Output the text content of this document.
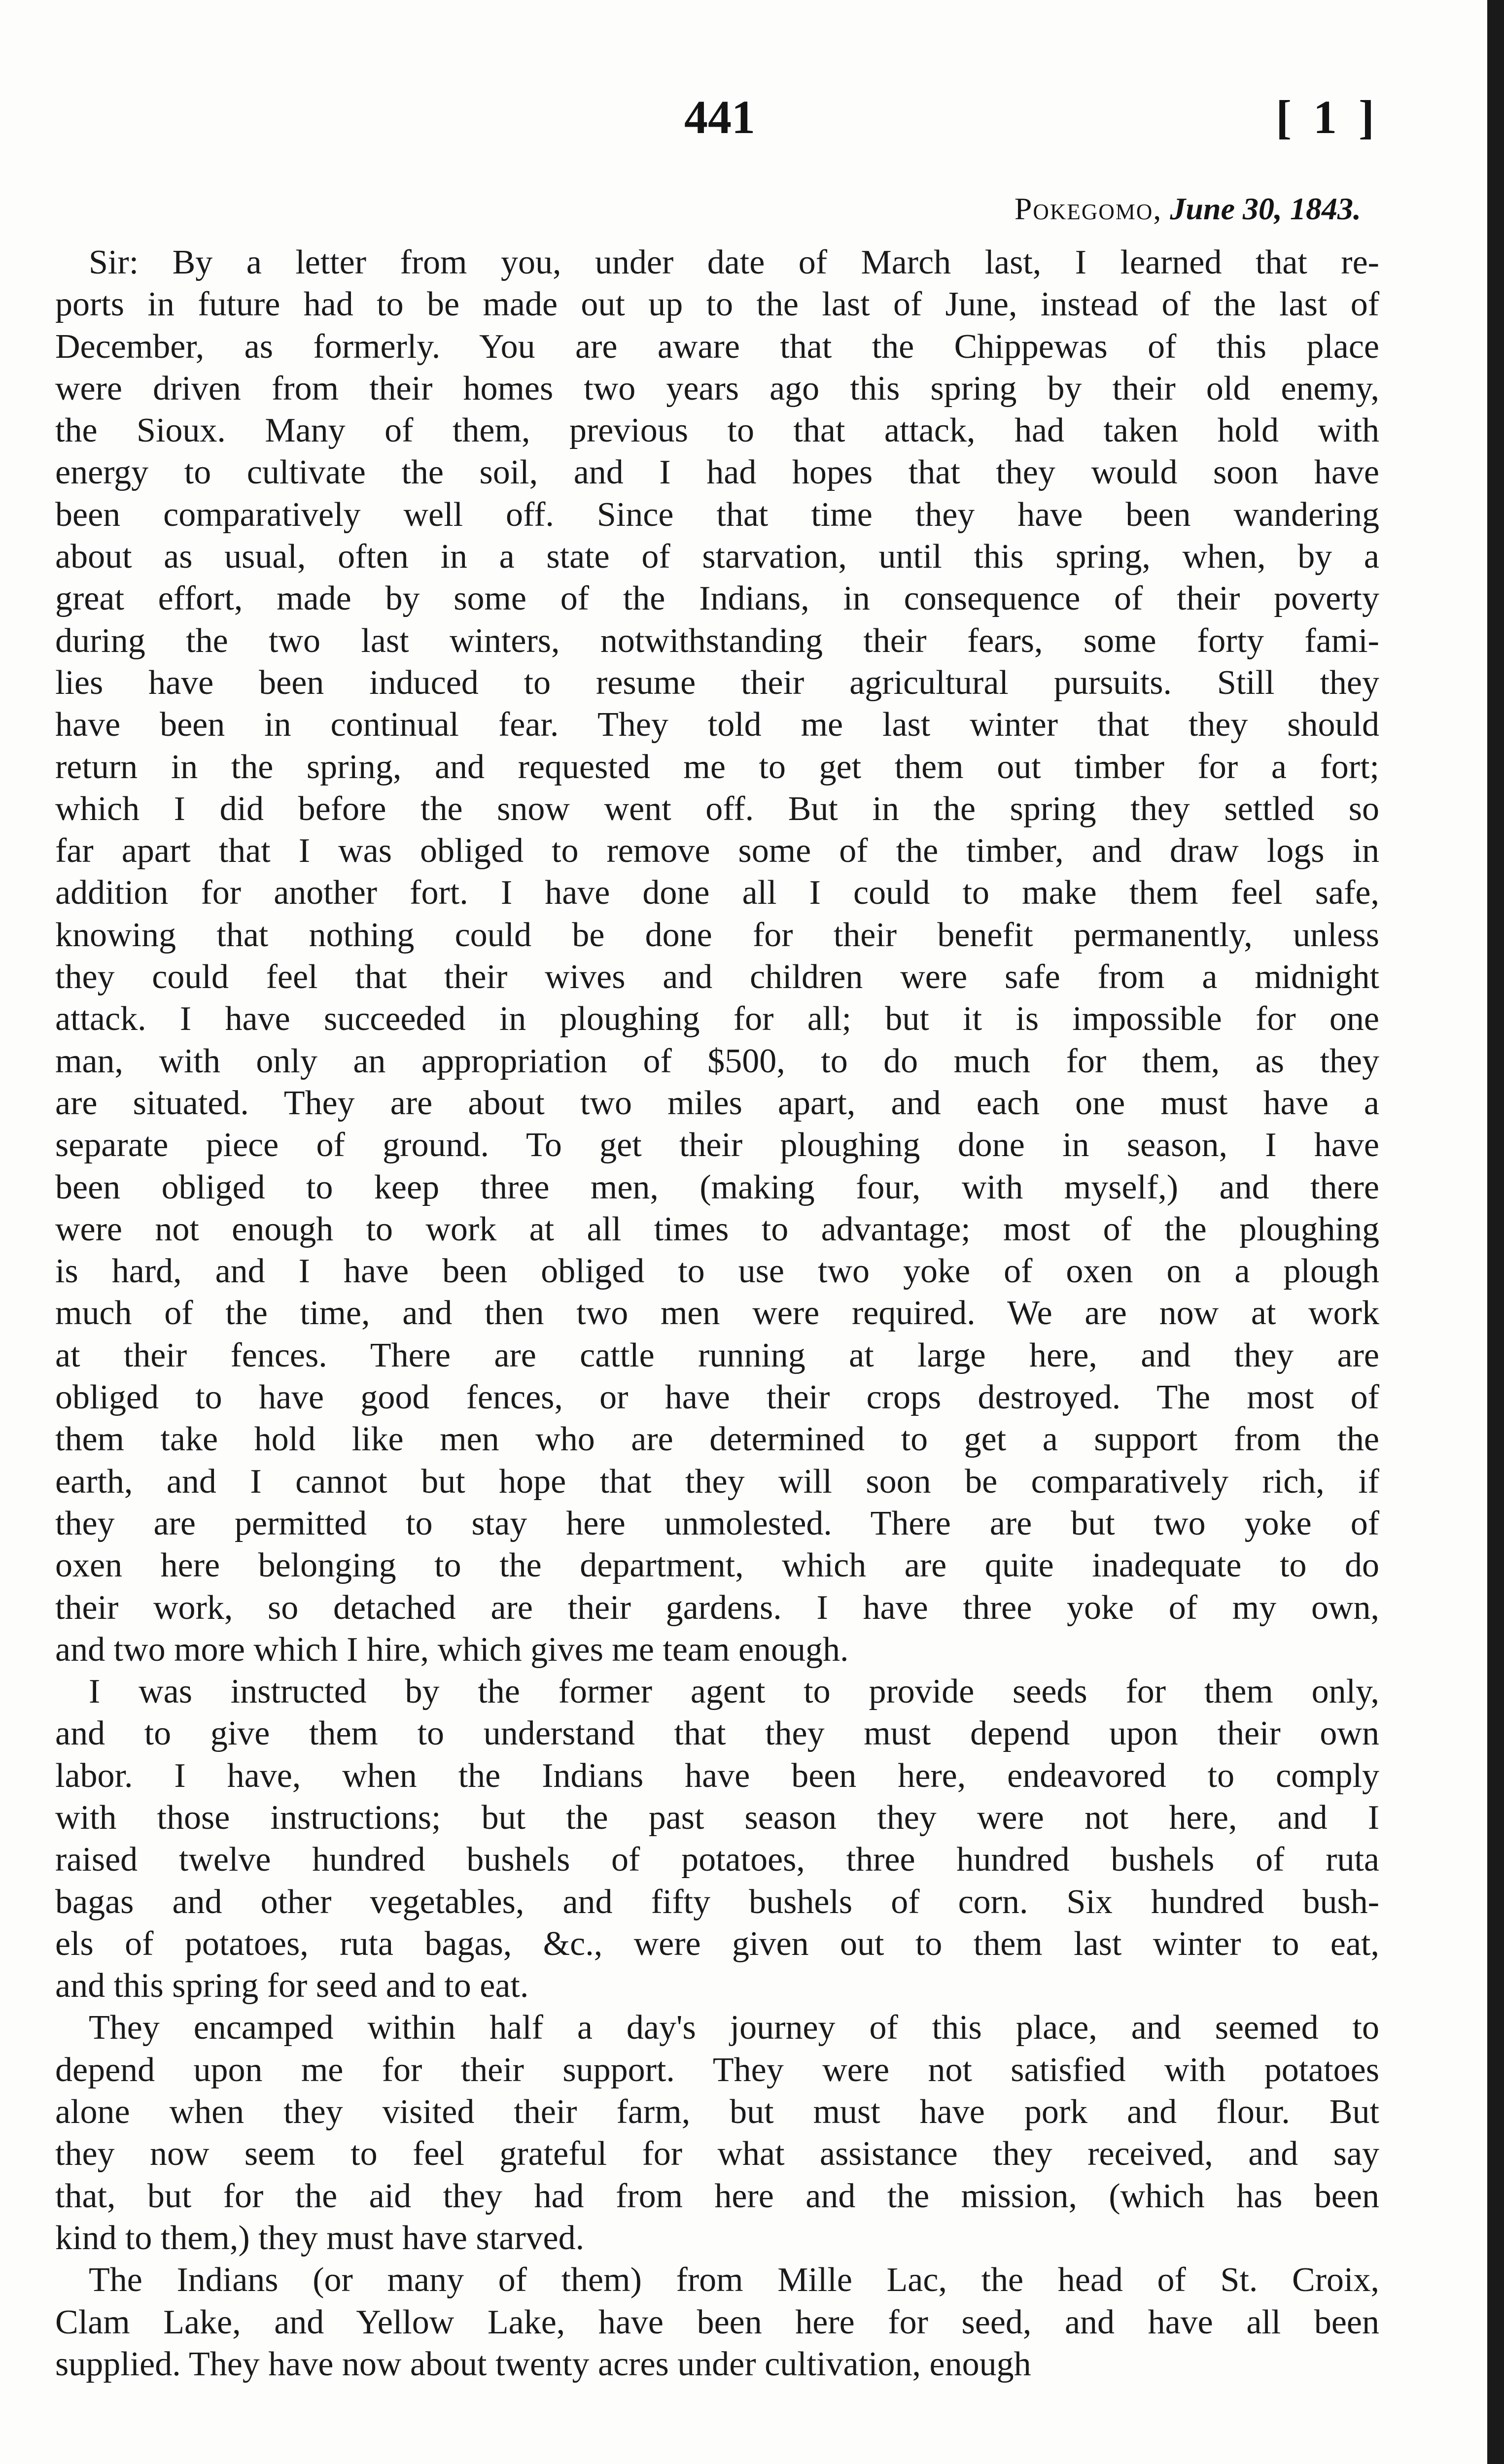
441	[ 1 ]
Pokegomo, June 30, 1843.

Sir: By a letter from you, under date of March last, I learned that re-
ports in future had to be made out up to the last of June, instead of the last of
December, as formerly. You are aware that the Chippewas of this place
were driven from their homes two years ago this spring by their old enemy,
the Sioux. Many of them, previous to that attack, had taken hold with
energy to cultivate the soil, and I had hopes that they would soon have
been comparatively well off. Since that time they have been wandering
about as usual, often in a state of starvation, until this spring, when, by a
great effort, made by some of the Indians, in consequence of their poverty
during the two last winters, notwithstanding their fears, some forty fami-
lies have been induced to resume their agricultural pursuits. Still they
have been in continual fear. They told me last winter that they should
return in the spring, and requested me to get them out timber for a fort;
which I did before the snow went off. But in the spring they settled so
far apart that I was obliged to remove some of the timber, and draw logs in
addition for another fort. I have done all I could to make them feel safe,
knowing that nothing could be done for their benefit permanently, unless
they could feel that their wives and children were safe from a midnight
attack. I have succeeded in ploughing for all; but it is impossible for one
man, with only an appropriation of $500, to do much for them, as they
are situated. They are about two miles apart, and each one must have a
separate piece of ground. To get their ploughing done in season, I have
been obliged to keep three men, (making four, with myself,) and there
were not enough to work at all times to advantage; most of the ploughing
is hard, and I have been obliged to use two yoke of oxen on a plough
much of the time, and then two men were required. We are now at work
at their fences. There are cattle running at large here, and they are
obliged to have good fences, or have their crops destroyed. The most of
them take hold like men who are determined to get a support from the
earth, and I cannot but hope that they will soon be comparatively rich, if
they are permitted to stay here unmolested. There are but two yoke of
oxen here belonging to the department, which are quite inadequate to do
their work, so detached are their gardens. I have three yoke of my own,
and two more which I hire, which gives me team enough.

I was instructed by the former agent to provide seeds for them only,
and to give them to understand that they must depend upon their own
labor. I have, when the Indians have been here, endeavored to comply
with those instructions; but the past season they were not here, and I
raised twelve hundred bushels of potatoes, three hundred bushels of ruta
bagas and other vegetables, and fifty bushels of corn. Six hundred bush-
els of potatoes, ruta bagas, &c., were given out to them last winter to eat,
and this spring for seed and to eat.

They encamped within half a day's journey of this place, and seemed to
depend upon me for their support. They were not satisfied with potatoes
alone when they visited their farm, but must have pork and flour. But
they now seem to feel grateful for what assistance they received, and say
that, but for the aid they had from here and the mission, (which has been
kind to them,) they must have starved.

The Indians (or many of them) from Mille Lac, the head of St. Croix,
Clam Lake, and Yellow Lake, have been here for seed, and have all been
supplied. They have now about twenty acres under cultivation, enough
